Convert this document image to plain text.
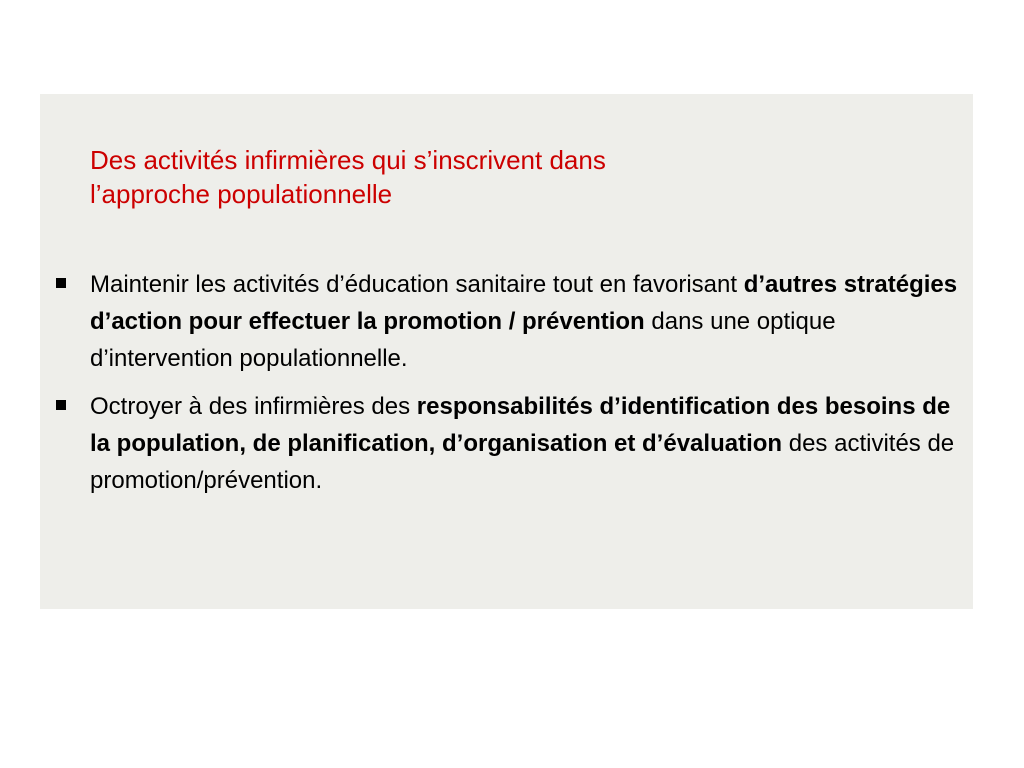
Des activités infirmières qui s’inscrivent dans
l’approche populationnelle
Maintenir les activités d’éducation sanitaire tout en favorisant d’autres stratégies d’action pour effectuer la promotion / prévention dans une optique d’intervention populationnelle.
Octroyer à des infirmières des responsabilités d’identification des besoins de la population, de planification, d’organisation et d’évaluation des activités de promotion/prévention.
